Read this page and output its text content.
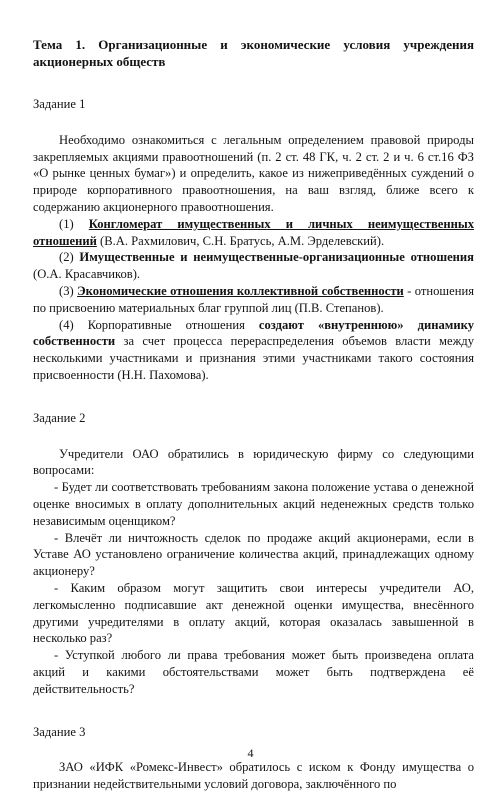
Тема 1. Организационные и экономические условия учреждения акционерных обществ

Задание 1

Необходимо ознакомиться с легальным определением правовой природы закрепляемых акциями правоотношений (п. 2 ст. 48 ГК, ч. 2 ст. 2 и ч. 6 ст.16 ФЗ «О рынке ценных бумаг») и определить, какое из нижеприведённых суждений о природе корпоративного правоотношения, на ваш взгляд, ближе всего к содержанию акционерного правоотношения.

(1) Конгломерат имущественных и личных неимущественных отношений (В.А. Рахмилович, С.Н. Братусь, А.М. Эрделевский).

(2) Имущественные и неимущественные-организационные отношения (О.А. Красавчиков).

(3) Экономические отношения коллективной собственности - отношения по присвоению материальных благ группой лиц (П.В. Степанов).

(4) Корпоративные отношения создают «внутреннюю» динамику собственности за счет процесса перераспределения объемов власти между несколькими участниками и признания этими участниками такого состояния присвоенности (Н.Н. Пахомова).

Задание 2

Учредители ОАО обратились в юридическую фирму со следующими вопросами:

- Будет ли соответствовать требованиям закона положение устава о денежной оценке вносимых в оплату дополнительных акций неденежных средств только независимым оценщиком?

- Влечёт ли ничтожность сделок по продаже акций акционерами, если в Уставе АО установлено ограничение количества акций, принадлежащих одному акционеру?

- Каким образом могут защитить свои интересы учредители АО, легкомысленно подписавшие акт денежной оценки имущества, внесённого другими учредителями в оплату акций, которая оказалась завышенной в несколько раз?

- Уступкой любого ли права требования может быть произведена оплата акций и какими обстоятельствами может быть подтверждена её действительность?

Задание 3

ЗАО «ИФК «Ромекс-Инвест» обратилось с иском к Фонду имущества о признании недействительными условий договора, заключённого по

4
